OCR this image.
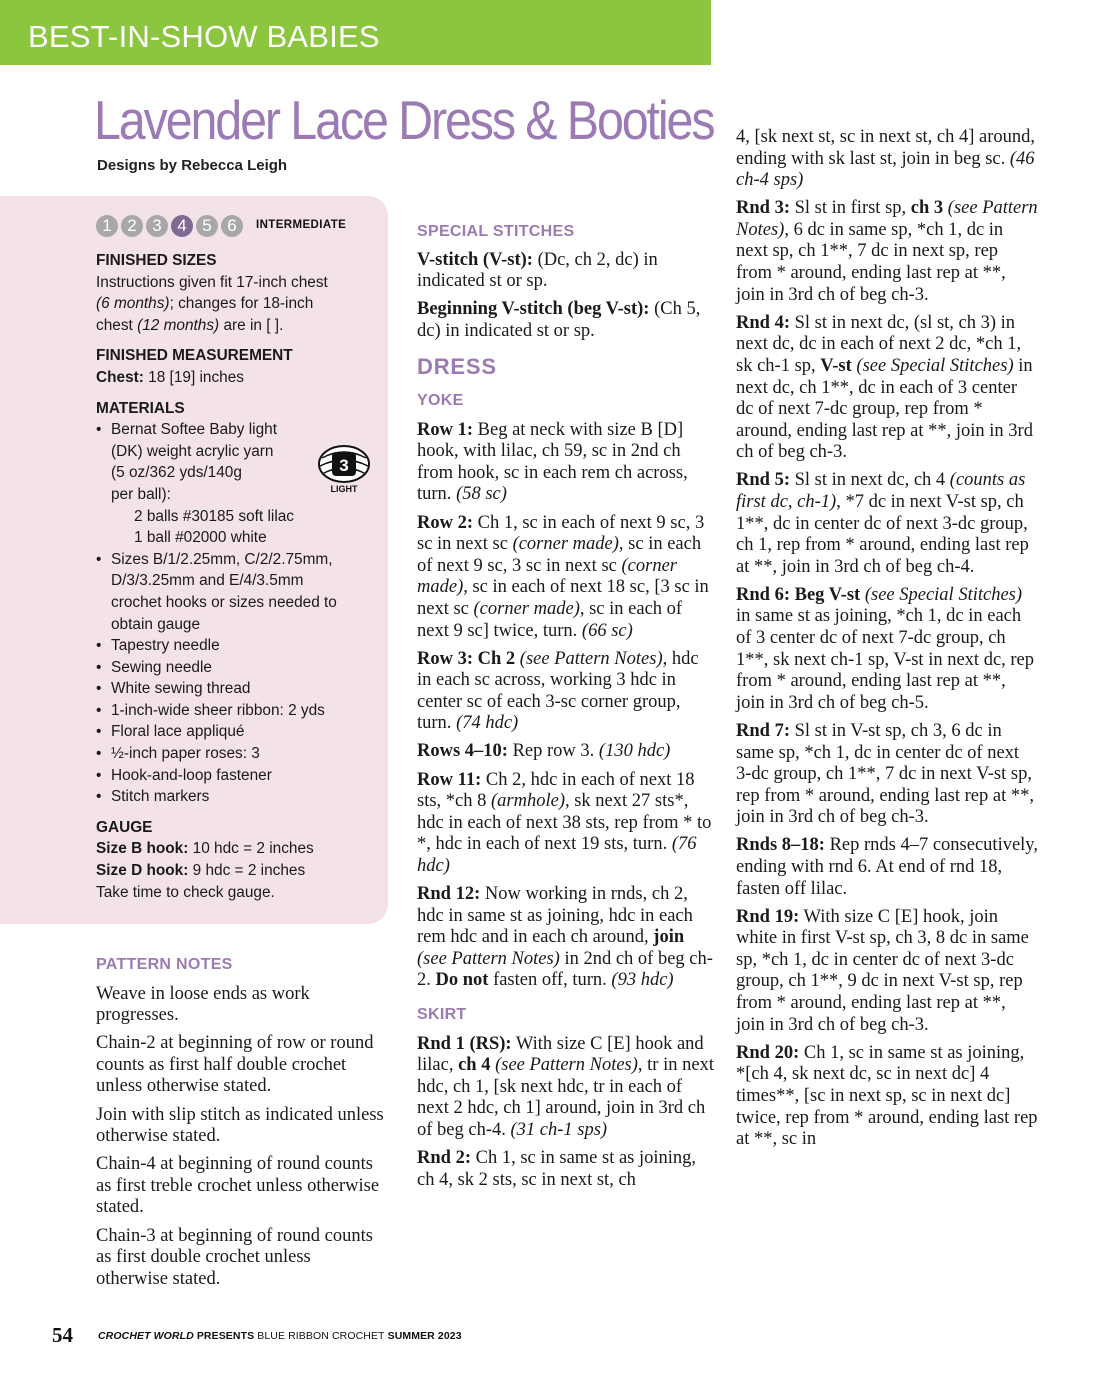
BEST-IN-SHOW BABIES
Lavender Lace Dress & Booties
Designs by Rebecca Leigh
1 2 3 4 5 6	INTERMEDIATE
FINISHED SIZES

Instructions given fit 17-inch chest
(6 months); changes for 18-inch
chest (12 months) are in [ ].

FINISHED MEASUREMENT

Chest: 18 [19] inches

MATERIALS
• Bernat Softee Baby light
(DK) weight acrylic yarn
(5 oz/362 yds/140g
per ball):
2 balls #30185 soft lilac
1 ball #02000 white
• Sizes B/1/2.25mm, C/2/2.75mm,
D/3/3.25mm and E/4/3.5mm
crochet hooks or sizes needed to
obtain gauge
• Tapestry needle
• Sewing needle
• White sewing thread
• 1-inch-wide sheer ribbon: 2 yds
• Floral lace appliqué
• ½-inch paper roses: 3
• Hook-and-loop fastener
• Stitch markers
GAUGE

Size B hook: 10 hdc = 2 inches
Size D hook: 9 hdc = 2 inches
Take time to check gauge.

3
LIGHT
PATTERN NOTES

Weave in loose ends as work progresses.

Chain-2 at beginning of row or round counts as first half double crochet unless otherwise stated.

Join with slip stitch as indicated unless otherwise stated.

Chain-4 at beginning of round counts as first treble crochet unless otherwise stated.

Chain-3 at beginning of round counts as first double crochet unless otherwise stated.

SPECIAL STITCHES

V-stitch (V-st): (Dc, ch 2, dc) in indicated st or sp.

Beginning V-stitch (beg V-st): (Ch 5, dc) in indicated st or sp.

DRESS
YOKE

Row 1: Beg at neck with size B [D] hook, with lilac, ch 59, sc in 2nd ch from hook, sc in each rem ch across, turn. (58 sc)

Row 2: Ch 1, sc in each of next 9 sc, 3 sc in next sc (corner made), sc in each of next 9 sc, 3 sc in next sc (corner made), sc in each of next 18 sc, [3 sc in next sc (corner made), sc in each of next 9 sc] twice, turn. (66 sc)

Row 3: Ch 2 (see Pattern Notes), hdc in each sc across, working 3 hdc in center sc of each 3-sc corner group, turn. (74 hdc)

Rows 4–10: Rep row 3. (130 hdc)

Row 11: Ch 2, hdc in each of next 18 sts, *ch 8 (armhole), sk next 27 sts*, hdc in each of next 38 sts, rep from * to *, hdc in each of next 19 sts, turn. (76 hdc)

Rnd 12: Now working in rnds, ch 2, hdc in same st as joining, hdc in each rem hdc and in each ch around, join (see Pattern Notes) in 2nd ch of beg ch-2. Do not fasten off, turn. (93 hdc)

SKIRT

Rnd 1 (RS): With size C [E] hook and lilac, ch 4 (see Pattern Notes), tr in next hdc, ch 1, [sk next hdc, tr in each of next 2 hdc, ch 1] around, join in 3rd ch of beg ch-4. (31 ch-1 sps)

Rnd 2: Ch 1, sc in same st as joining, ch 4, sk 2 sts, sc in next st, ch

4, [sk next st, sc in next st, ch 4] around, ending with sk last st, join in beg sc. (46 ch-4 sps)

Rnd 3: Sl st in first sp, ch 3 (see Pattern Notes), 6 dc in same sp, *ch 1, dc in next sp, ch 1**, 7 dc in next sp, rep from * around, ending last rep at **, join in 3rd ch of beg ch-3.

Rnd 4: Sl st in next dc, (sl st, ch 3) in next dc, dc in each of next 2 dc, *ch 1, sk ch-1 sp, V-st (see Special Stitches) in next dc, ch 1**, dc in each of 3 center dc of next 7-dc group, rep from * around, ending last rep at **, join in 3rd ch of beg ch-3.

Rnd 5: Sl st in next dc, ch 4 (counts as first dc, ch-1), *7 dc in next V-st sp, ch 1**, dc in center dc of next 3-dc group, ch 1, rep from * around, ending last rep at **, join in 3rd ch of beg ch-4.

Rnd 6: Beg V-st (see Special Stitches) in same st as joining, *ch 1, dc in each of 3 center dc of next 7-dc group, ch 1**, sk next ch-1 sp, V-st in next dc, rep from * around, ending last rep at **, join in 3rd ch of beg ch-5.

Rnd 7: Sl st in V-st sp, ch 3, 6 dc in same sp, *ch 1, dc in center dc of next 3-dc group, ch 1**, 7 dc in next V-st sp, rep from * around, ending last rep at **, join in 3rd ch of beg ch-3.

Rnds 8–18: Rep rnds 4–7 consecutively, ending with rnd 6. At end of rnd 18, fasten off lilac.

Rnd 19: With size C [E] hook, join white in first V-st sp, ch 3, 8 dc in same sp, *ch 1, dc in center dc of next 3-dc group, ch 1**, 9 dc in next V-st sp, rep from * around, ending last rep at **, join in 3rd ch of beg ch-3.

Rnd 20: Ch 1, sc in same st as joining, *[ch 4, sk next dc, sc in next dc] 4 times**, [sc in next sp, sc in next dc] twice, rep from * around, ending last rep at **, sc in

54 CROCHET WORLD PRESENTS BLUE RIBBON CROCHET SUMMER 2023
